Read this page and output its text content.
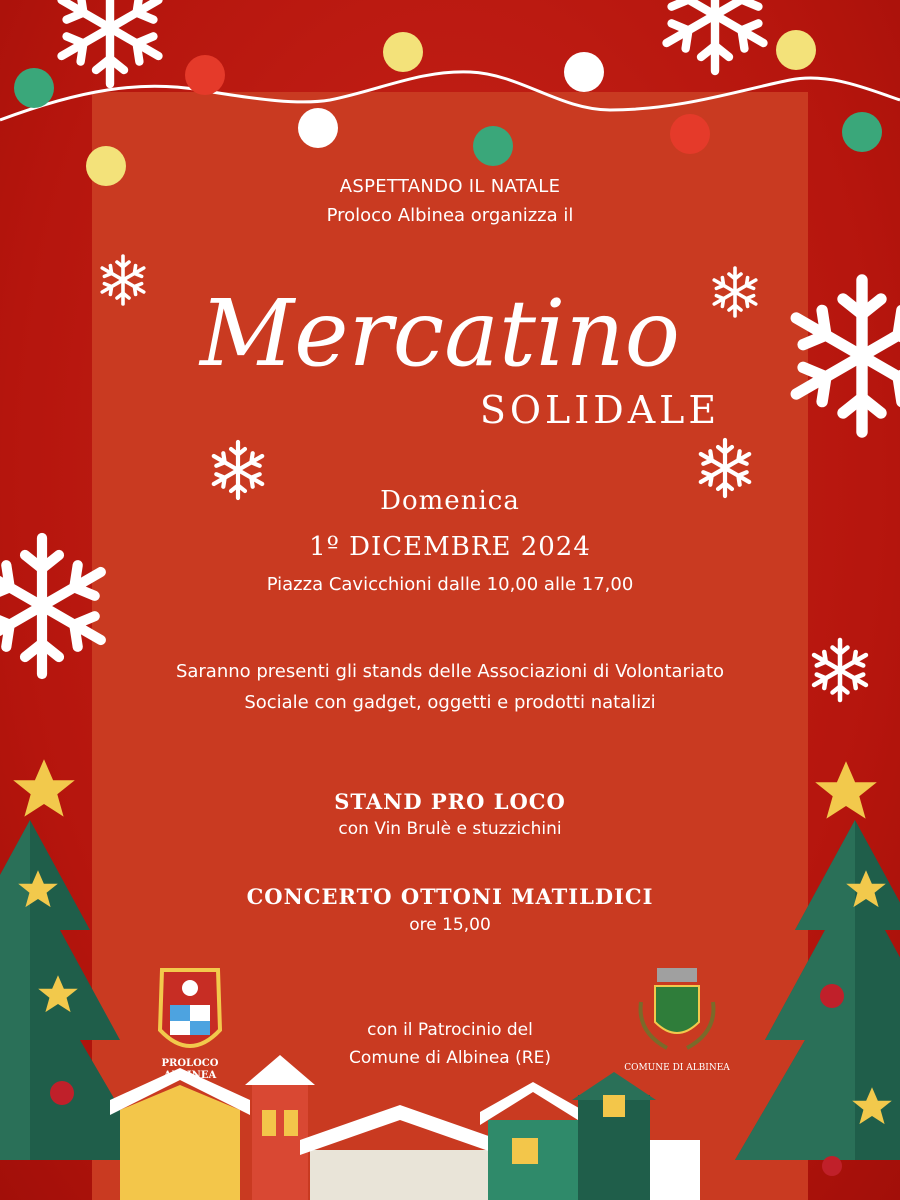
Mercatino
ASPETTANDO IL NATALE
Proloco Albinea organizza il
SOLIDALE
Domenica
1º DICEMBRE 2024
Piazza Cavicchioni dalle 10,00 alle 17,00
Saranno presenti gli stands delle Associazioni di Volontariato Sociale con gadget, oggetti e prodotti natalizi
STAND PRO LOCO
con Vin Brulè e stuzzichini
CONCERTO OTTONI MATILDICI
ore 15,00
con il Patrocinio del
Comune di Albinea (RE)
PROLOCO
ALBINEA
COMUNE DI ALBINEA
